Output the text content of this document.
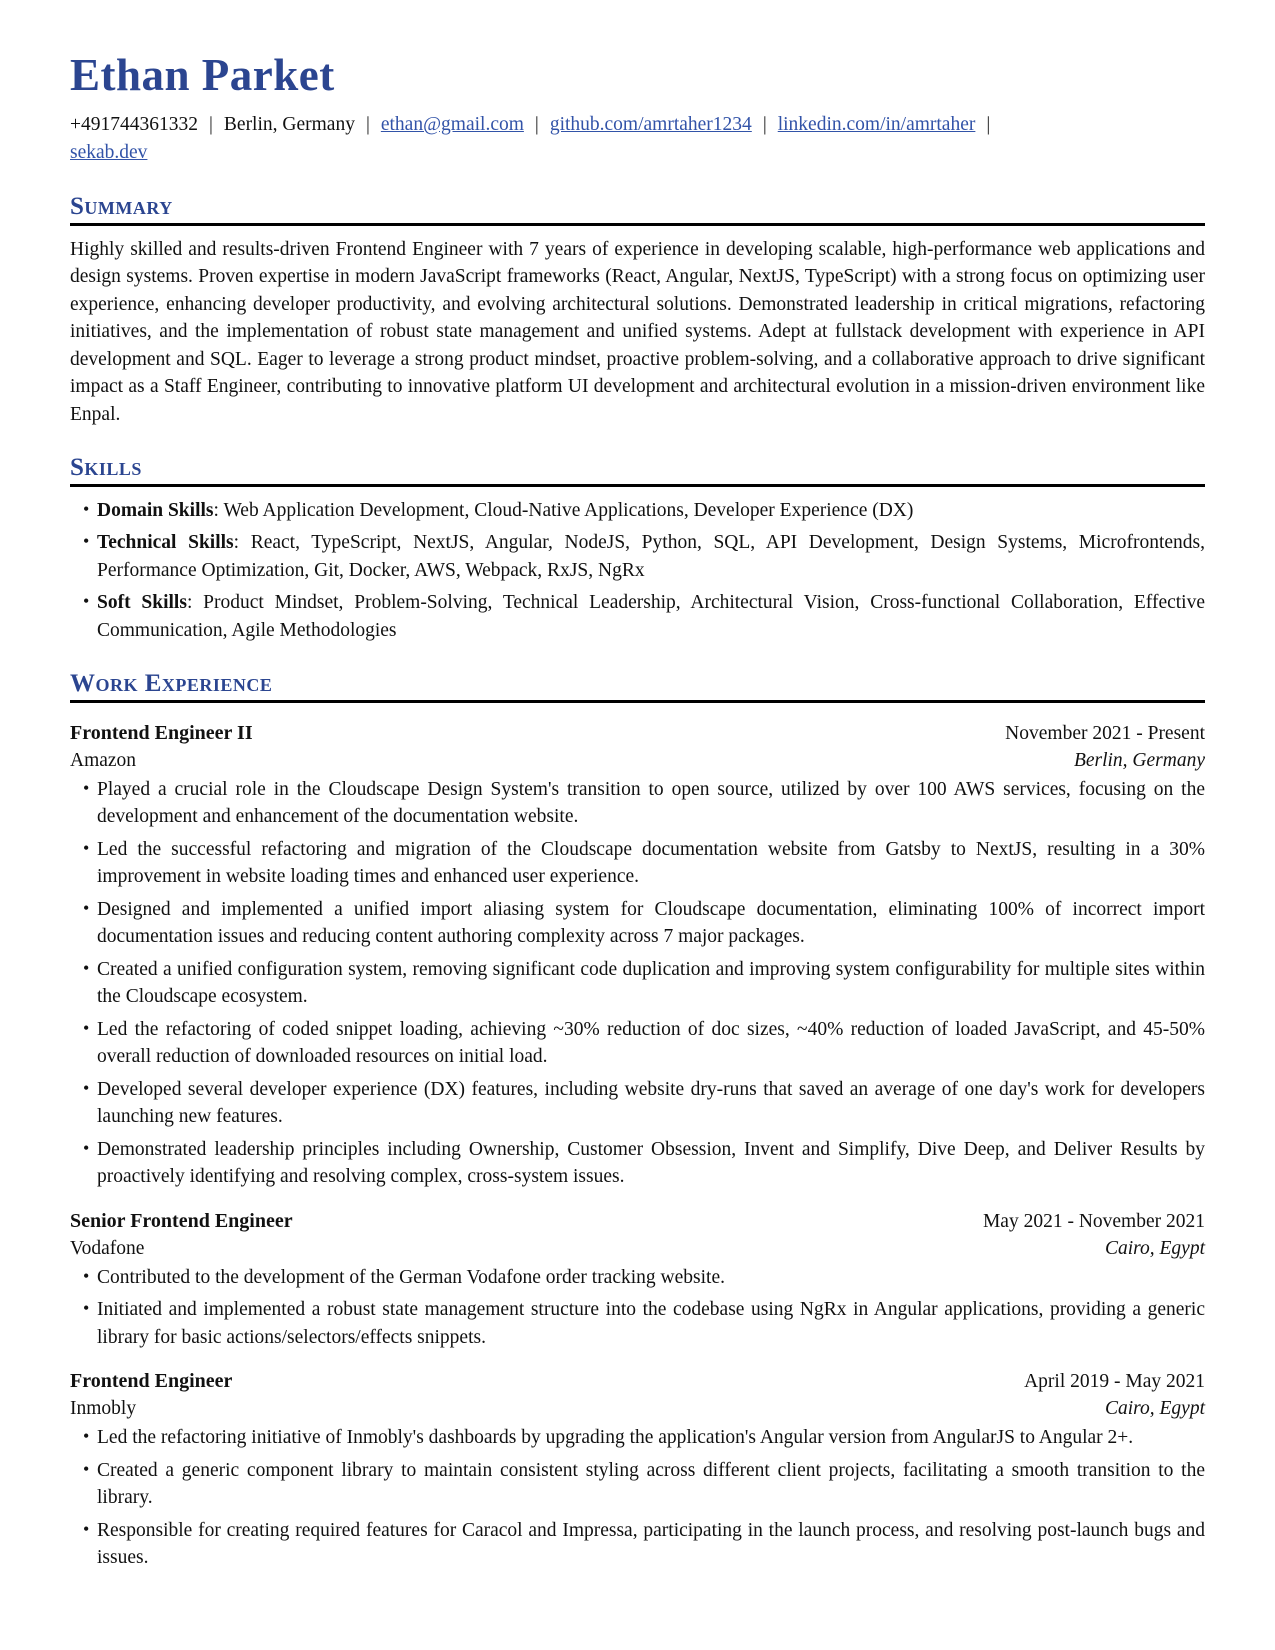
Ethan Parket

+491744361332 | Berlin, Germany | ethan@gmail.com | github.com/amrtaher1234 | linkedin.com/in/amrtaher |
sekab.dev

Summary

Highly skilled and results-driven Frontend Engineer with 7 years of experience in developing scalable, high-performance web applications and design systems. Proven expertise in modern JavaScript frameworks (React, Angular, NextJS, TypeScript) with a strong focus on optimizing user experience, enhancing developer productivity, and evolving architectural solutions. Demonstrated leadership in critical migrations, refactoring initiatives, and the implementation of robust state management and unified systems. Adept at fullstack development with experience in API development and SQL. Eager to leverage a strong product mindset, proactive problem-solving, and a collaborative approach to drive significant impact as a Staff Engineer, contributing to innovative platform UI development and architectural evolution in a mission-driven environment like Enpal.

Skills
• Domain Skills: Web Application Development, Cloud-Native Applications, Developer Experience (DX)
• Technical Skills: React, TypeScript, NextJS, Angular, NodeJS, Python, SQL, API Development, Design Systems, Microfrontends, Performance Optimization, Git, Docker, AWS, Webpack, RxJS, NgRx
• Soft Skills: Product Mindset, Problem-Solving, Technical Leadership, Architectural Vision, Cross-functional Collaboration, Effective Communication, Agile Methodologies
Work Experience
Frontend Engineer II	November 2021 - Present
Amazon	Berlin, Germany
• Played a crucial role in the Cloudscape Design System's transition to open source, utilized by over 100 AWS services, focusing on the development and enhancement of the documentation website.
• Led the successful refactoring and migration of the Cloudscape documentation website from Gatsby to NextJS, resulting in a 30% improvement in website loading times and enhanced user experience.
• Designed and implemented a unified import aliasing system for Cloudscape documentation, eliminating 100% of incorrect import documentation issues and reducing content authoring complexity across 7 major packages.
• Created a unified configuration system, removing significant code duplication and improving system configurability for multiple sites within the Cloudscape ecosystem.
• Led the refactoring of coded snippet loading, achieving ~30% reduction of doc sizes, ~40% reduction of loaded JavaScript, and 45-50% overall reduction of downloaded resources on initial load.
• Developed several developer experience (DX) features, including website dry-runs that saved an average of one day's work for developers launching new features.
• Demonstrated leadership principles including Ownership, Customer Obsession, Invent and Simplify, Dive Deep, and Deliver Results by proactively identifying and resolving complex, cross-system issues.
Senior Frontend Engineer	May 2021 - November 2021
Vodafone	Cairo, Egypt
• Contributed to the development of the German Vodafone order tracking website.
• Initiated and implemented a robust state management structure into the codebase using NgRx in Angular applications, providing a generic library for basic actions/selectors/effects snippets.
Frontend Engineer	April 2019 - May 2021
Inmobly	Cairo, Egypt
• Led the refactoring initiative of Inmobly's dashboards by upgrading the application's Angular version from AngularJS to Angular 2+.
• Created a generic component library to maintain consistent styling across different client projects, facilitating a smooth transition to the library.
• Responsible for creating required features for Caracol and Impressa, participating in the launch process, and resolving post-launch bugs and issues.
